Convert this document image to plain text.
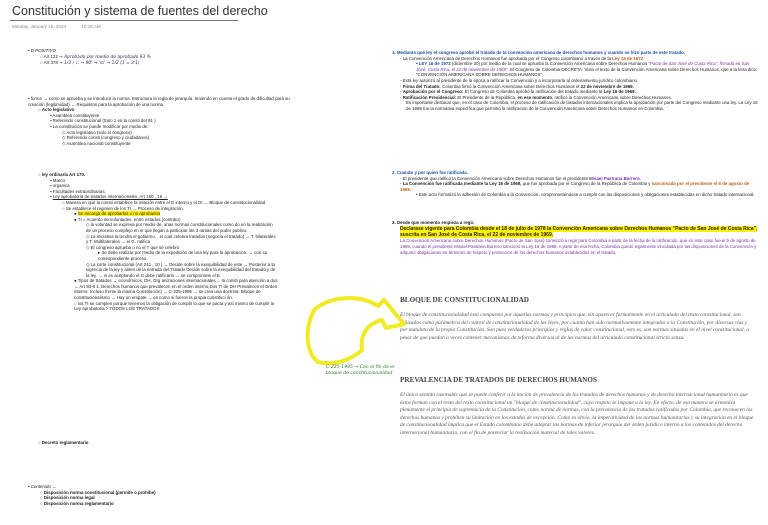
Constitución y sistema de fuentes del derecho
Monday, January 15, 2024	10:18 AM
• D POSITIVO
○ Art 122 → Aprobado por medio de aprobado 93 %
○ Art 378 → 1/3 / ⊂ → 90' → 'lo' → 1/2 (1 = 3'1)
• forma → como se aprueba y se introduce la norma. Estructura la regla de jerarquía. teniendo en cuenta el grado de dificultad para su creación (legitimidad) → Requisitos para la aprobación de una norma.
○ Acto legislativo
▪ Asamblea constituyente
▪ Referendo constitucional (Solo 1 en la consti del 91 )
▪ La constitución se puede modificar por medio de:
◇ Acto legislativo (solo el congreso)
◇ Referendo consti (congreso y ciudadanos)
◇ Asamblea nacional constituyente
○ ley ordinaria Art 170.
▪ Marco
▪ organica
▪ Facultades extraordinarias.
▪ Ley aprobatoria de tratados internacionales. Art 150 , 16 →
○ Manera en que la consti establece la relación entre el D interno y el DI → Bloque de constitucionalidad
○ Se establece el regimen de los TI → Proceso de integración.
● Se encarga de aprobarlos o no aprobarlos
● TI = Acuerdo de voluntades. entre estados (contrato)
◇ la voluntad se expresa por medio de, unas normas constitucionales como do en la realización de un proceso complejo en el que llegan a participar las 3 ramas del poder publico.
◇ La iniciativa la tendra el gobierno. , el cual celebra tratados (negocia el tratado) → T. bilaterales y T. Multilaterales → el G. ratifica
◇ El congreso aprueba o no el T que se celebró
▸ Se debe realizar por medio de la expedición de una ley para la aprobación. → con su correspondiente proceso.
◇ La corte constitucional (Art 241 , 10 ) → Decide sobre la exequibilidad de este → Posterior a la vigencia de la ley y antes de la entrada del Tratado Decide sobre la exequibilidad del tratado y de la ley. → si es aceptando el G debe ratificarlo → se compromete el E.
● Tipos de tratados → económicos, DH, Org anizaciones internacionales ... la consti para atención a dos → Art 93-9 1. Derechos humanos que prevalecen en el orden interno.Dos TI de DH Prevalecen el Orden interno: Incluso frente la misma Constitución) → C-225-1995 → se crea una doctrina: Bloque de constitucionalismo → Hay un empate → es como si fueron la propia constituci ón.
○ los TI se cumplen porque tenemos la obligación de cumplir lo que se pacta y así mismo de cumplir la Ley aprobatoria > TODOS LOS TRATADOS
○ Decreto reglamentario
• Contenido →
○ Disposición norma constitucional (permite o prohíbe)
○ Disposición norma legal
○ Disposición norma reglamentario
1. Mediante qué ley el congreso aprobó el tratado de la convención americana de derechos humanos y cuando se hizo parte de este tratado.
- La Convención Americana de Derechos Humanos fue aprobada por el Congreso colombiano a través de la Ley 16 de 1972
• LEY 16 de 1972 (diciembre 30) por medio de la cual se aprueba la Convención Americana sobre Derechos Humanos "Pacto de San José de Costa Rica", firmado en San José, Costa Rica, el 22 de noviembre de 1969". El Congreso de Colombia DECRETA: Visto el texto de la Convención Americana sobre Derechos Humanos, que a la letra dice: "CONVENCIÓN AMERICANA SOBRE DERECHOS HUMANOS"
- Esta ley autorizó al presidente de la época a ratificar la Convención y a incorporarla al ordenamiento jurídico colombiano.
- Firma del Tratado: Colombia firmó la Convención Americana sobre Derechos Humanos el 22 de noviembre de 1969.
- Aprobación por el Congreso: El Congreso de Colombia aprobó la ratificación del tratado mediante la Ley 16 de 1969.
- Ratificación Presidencial: El Presidente de la República, en ese momento, ratificó la Convención Americana sobre Derechos Humanos.
Es importante destacar que, en el caso de Colombia, el proceso de ratificación de tratados internacionales implica la aprobación por parte del Congreso mediante una ley. La Ley 16 de 1969 fue la normativa específica que permitió la ratificación de la Convención Americana sobre Derechos Humanos en Colombia.
2. Cuando y por quien fue ratificada.
- El presidente que ratificó la Convención Americana sobre Derechos Humanos fue el presidente Misael Pastrana Borrero.
- La Convención fue ratificada mediante la Ley 16 de 1969, que fue aprobada por el Congreso de la República de Colombia y sancionada por el presidente el 5 de agosto de 1969.
• Este acto formalizó la adhesión de Colombia a la Convención, comprometiéndose a cumplir con las disposiciones y obligaciones establecidas en dicho tratado internacional.
3. Desde que momento empieza a regir.
Declarase vigente para Colombia desde el 18 de julio de 1978 la Convención Americana sobre Derechos Humanos "Pacto de San José de Costa Rica", suscrita en San José de Costa Rica, el 22 de noviembre de 1969.
La Convención Americana sobre Derechos Humanos (Pacto de San José) comenzó a regir para Colombia a partir de la fecha de la ratificación, que en este caso fue el 5 de agosto de 1969, cuando el presidente Misael Pastrana Borrero sancionó la Ley 16 de 1969. A partir de esa fecha, Colombia quedó legalmente vinculada por las disposiciones de la Convención y adquirió obligaciones en términos de respeto y protección de los derechos humanos establecidos en el tratado.
BLOQUE DE CONSTITUCIONALIDAD
El bloque de constitucionalidad está compuesto por aquellas normas y principios que, sin aparecer formalmente en el articulado del texto constitucional, son utilizados como parámetros del control de constitucionalidad de las leyes, por cuanto han sido normativamente integrados a la Constitución, por diversas vías y por mandato de la propia Constitución. Son pues verdaderos principios y reglas de valor constitucional, esto es, son normas situadas en el nivel constitucional, a pesar de que puedan a veces contener mecanismos de reforma diversos al de las normas del articulado constitucional stricto sensu.
PREVALENCIA DE TRATADOS DE DERECHOS HUMANOS
El único sentido razonable que se puede conferir a la noción de prevalencia de los tratados de derechos humanos y de derecho internacional humanitario es que éstos forman con el resto del texto constitucional un "bloque de constitucionalidad", cuyo respeto se impone a la ley. En efecto, de esa manera se armoniza plenamente el principio de supremacía de la Constitución, como norma de normas, con la prevalencia de los tratados ratificados por Colombia, que reconocen los derechos humanos y prohíben su limitación en los estados de excepción. Como es obvio, la imperatividad de las normas humanitarias y su integración en el bloque de constitucionalidad implica que el Estado colombiano debe adaptar las normas de inferior jerarquía del orden jurídico interno a los contenidos del derecho internacional humanitario, con el fin de potenciar la realización material de tales valores.
C-225-1995 → Con el fin de el bloque de constitucionalidad
